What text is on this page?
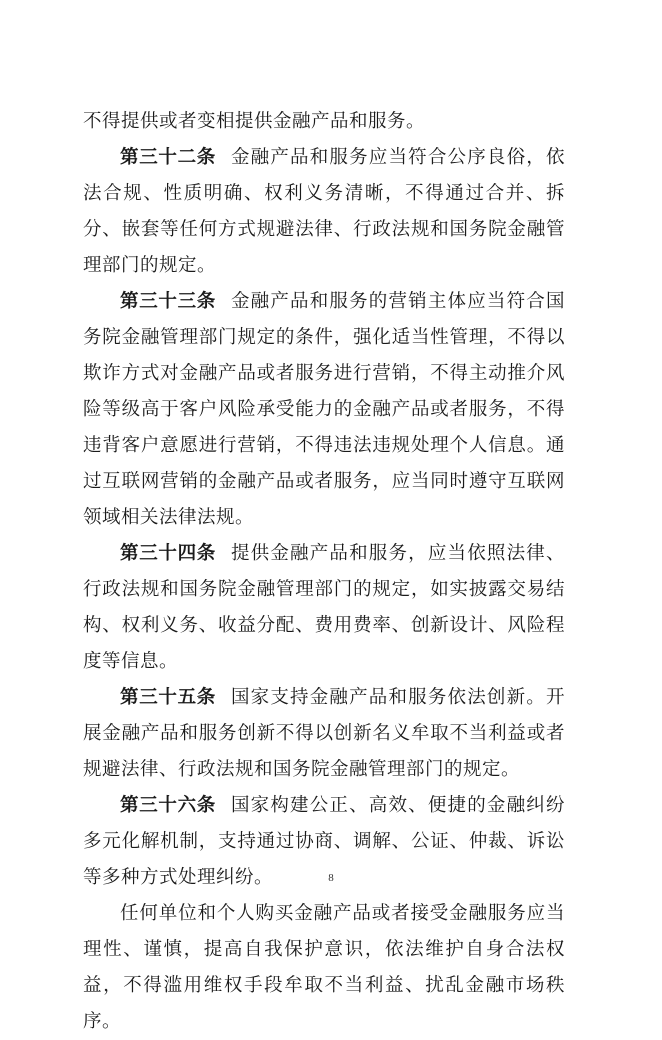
不得提供或者变相提供金融产品和服务。

第三十二条 金融产品和服务应当符合公序良俗，依法合规、性质明确、权利义务清晰，不得通过合并、拆分、嵌套等任何方式规避法律、行政法规和国务院金融管理部门的规定。

第三十三条 金融产品和服务的营销主体应当符合国务院金融管理部门规定的条件，强化适当性管理，不得以欺诈方式对金融产品或者服务进行营销，不得主动推介风险等级高于客户风险承受能力的金融产品或者服务，不得违背客户意愿进行营销，不得违法违规处理个人信息。通过互联网营销的金融产品或者服务，应当同时遵守互联网领域相关法律法规。

第三十四条 提供金融产品和服务，应当依照法律、行政法规和国务院金融管理部门的规定，如实披露交易结构、权利义务、收益分配、费用费率、创新设计、风险程度等信息。

第三十五条 国家支持金融产品和服务依法创新。开展金融产品和服务创新不得以创新名义牟取不当利益或者规避法律、行政法规和国务院金融管理部门的规定。

第三十六条 国家构建公正、高效、便捷的金融纠纷多元化解机制，支持通过协商、调解、公证、仲裁、诉讼等多种方式处理纠纷。

任何单位和个人购买金融产品或者接受金融服务应当理性、谨慎，提高自我保护意识，依法维护自身合法权益，不得滥用维权手段牟取不当利益、扰乱金融市场秩序。

8
